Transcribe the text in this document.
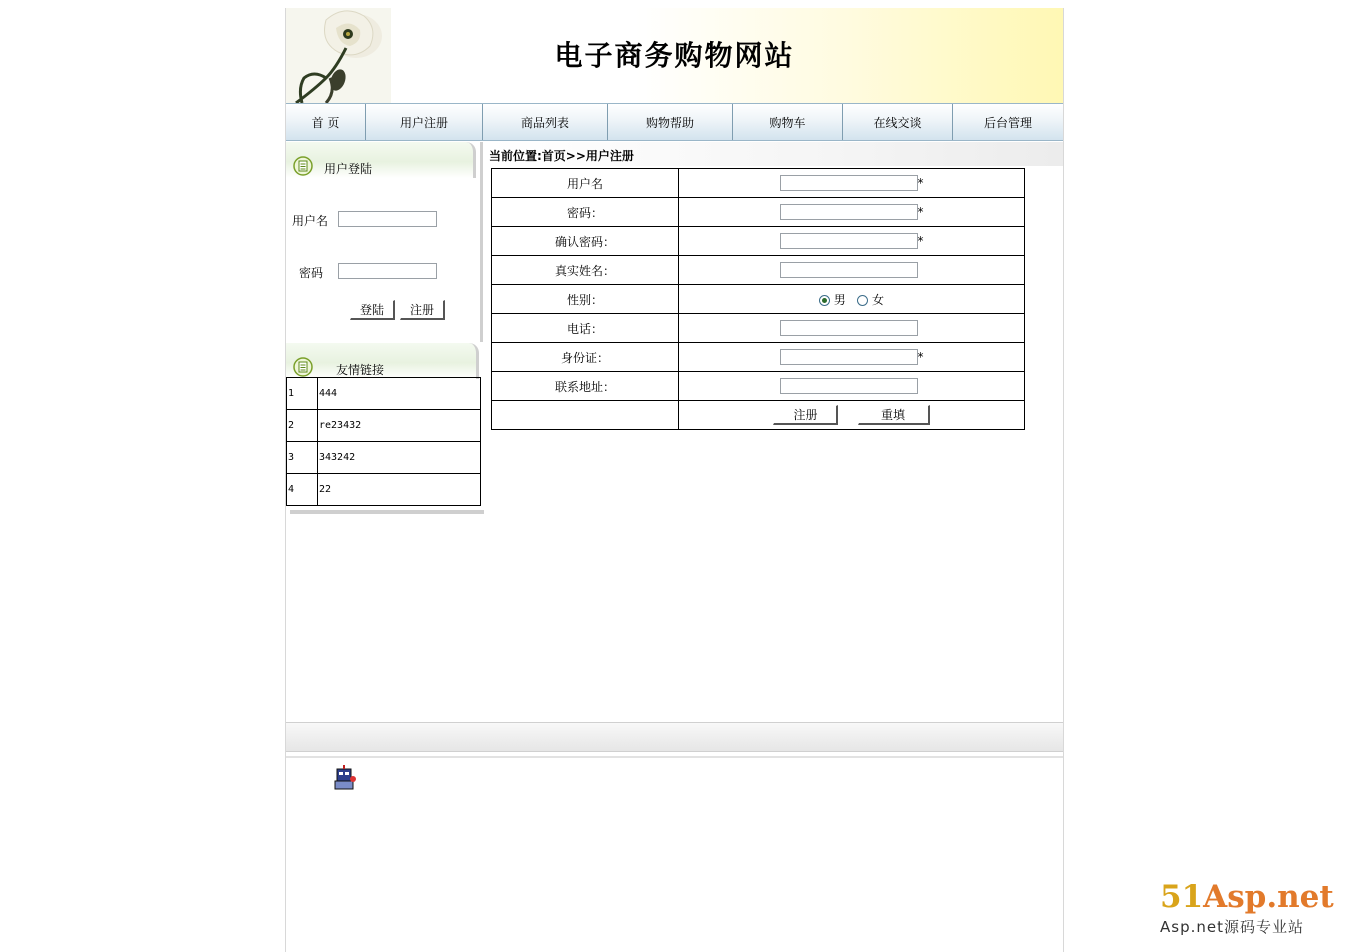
电子商务购物网站
首 页	用户注册	商品列表	购物帮助	购物车	在线交谈	后台管理
用户登陆
用户名
密码
登陆	注册
友情链接
1	444
2	re23432
3	343242
4	22
当前位置:首页>>用户注册
用户名	*
密码：	*
确认密码：	*
真实姓名：	
性别：	男 女
电话：	
身份证：	*
联系地址：	
	注册 重填
51Asp.net
Asp.net源码专业站
